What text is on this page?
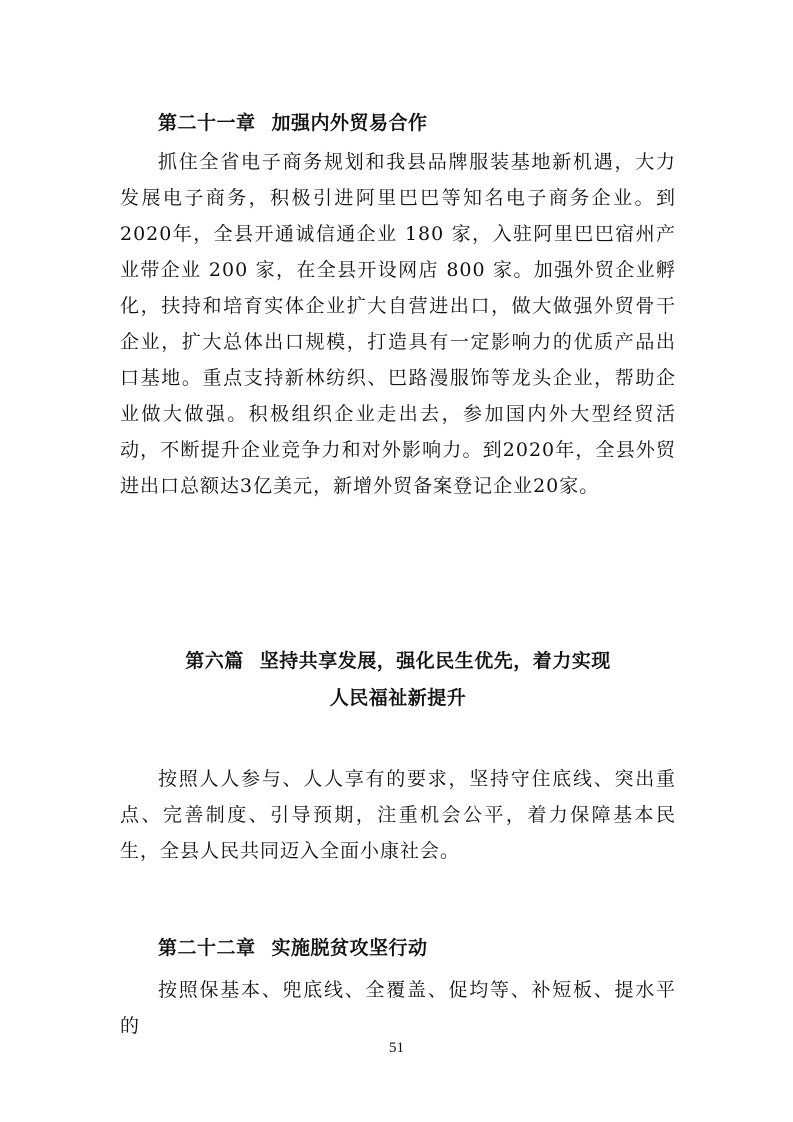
第二十一章 加强内外贸易合作

抓住全省电子商务规划和我县品牌服装基地新机遇，大力发展电子商务，积极引进阿里巴巴等知名电子商务企业。到2020年，全县开通诚信通企业 180 家，入驻阿里巴巴宿州产业带企业 200 家，在全县开设网店 800 家。加强外贸企业孵化，扶持和培育实体企业扩大自营进出口，做大做强外贸骨干企业，扩大总体出口规模，打造具有一定影响力的优质产品出口基地。重点支持新林纺织、巴路漫服饰等龙头企业，帮助企业做大做强。积极组织企业走出去，参加国内外大型经贸活动，不断提升企业竞争力和对外影响力。到2020年，全县外贸进出口总额达3亿美元，新增外贸备案登记企业20家。

第六篇 坚持共享发展，强化民生优先，着力实现
人民福祉新提升

按照人人参与、人人享有的要求，坚持守住底线、突出重点、完善制度、引导预期，注重机会公平，着力保障基本民生，全县人民共同迈入全面小康社会。

第二十二章 实施脱贫攻坚行动

按照保基本、兜底线、全覆盖、促均等、补短板、提水平的

51
